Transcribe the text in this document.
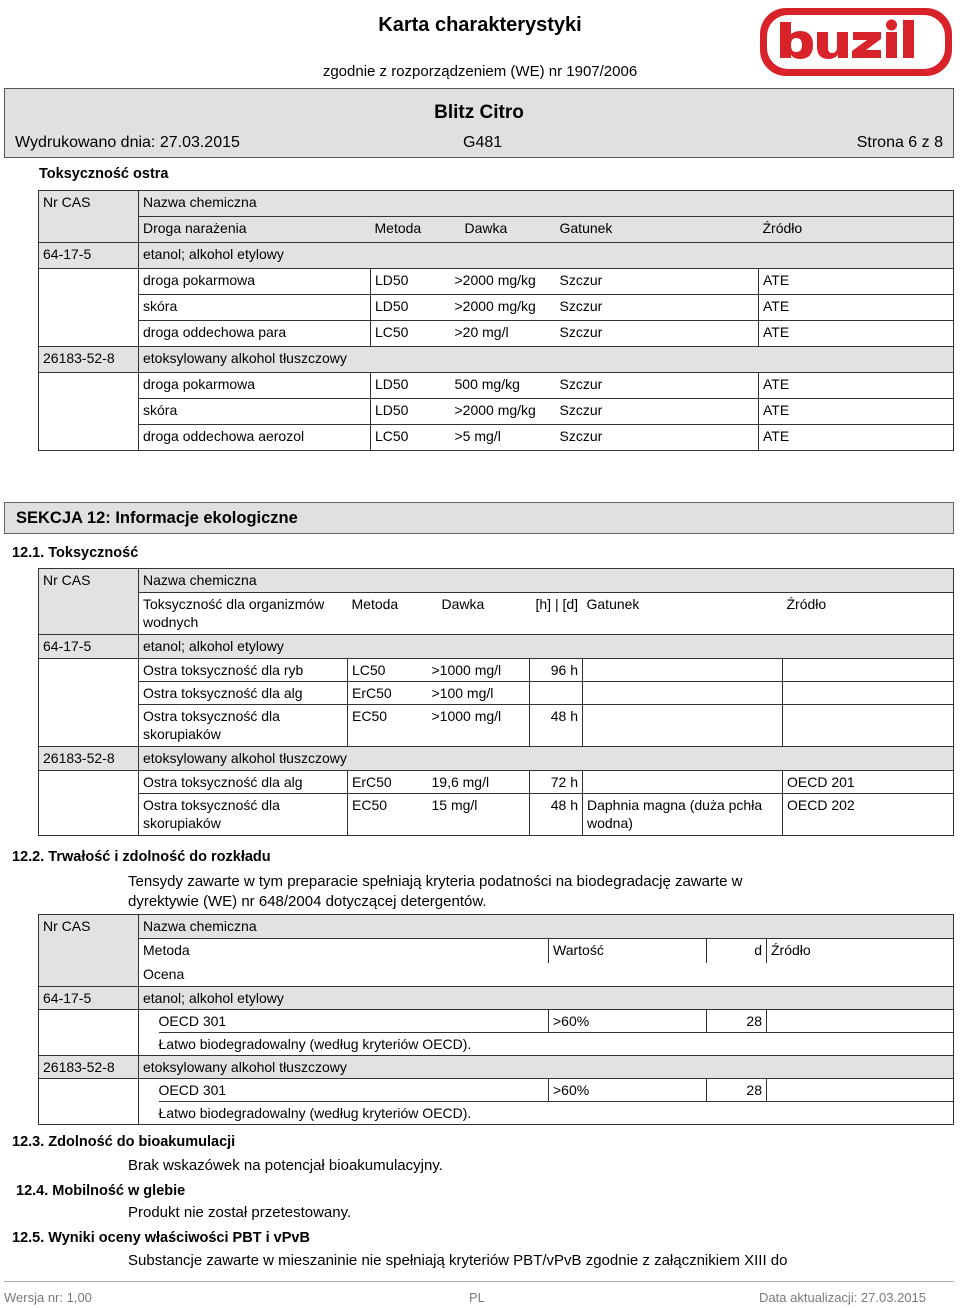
Karta charakterystyki
zgodnie z rozporządzeniem (WE) nr 1907/2006
Blitz Citro
Wydrukowano dnia: 27.03.2015	G481	Strona 6 z 8
Toksyczność ostra
Nr CAS	Nazwa chemiczna				
	Droga narażenia	Metoda	Dawka	Gatunek	Źródło
64-17-5	etanol; alkohol etylowy				
	droga pokarmowa	LD50	>2000 mg/kg	Szczur	ATE
	skóra	LD50	>2000 mg/kg	Szczur	ATE
	droga oddechowa para	LC50	>20 mg/l	Szczur	ATE
26183-52-8	etoksylowany alkohol tłuszczowy				
	droga pokarmowa	LD50	500 mg/kg	Szczur	ATE
	skóra	LD50	>2000 mg/kg	Szczur	ATE
	droga oddechowa aerozol	LC50	>5 mg/l	Szczur	ATE
SEKCJA 12: Informacje ekologiczne
12.1. Toksyczność
Nr CAS	Nazwa chemiczna					
	Toksyczność dla organizmów wodnych	Metoda	Dawka	[h] | [d]	Gatunek	Źródło
64-17-5	etanol; alkohol etylowy					
	Ostra toksyczność dla ryb	LC50	>1000 mg/l	96 h		
	Ostra toksyczność dla alg	ErC50	>100 mg/l			
	Ostra toksyczność dla skorupiaków	EC50	>1000 mg/l	48 h		
26183-52-8	etoksylowany alkohol tłuszczowy					
	Ostra toksyczność dla alg	ErC50	19,6 mg/l	72 h		OECD 201
	Ostra toksyczność dla skorupiaków	EC50	15 mg/l	48 h	Daphnia magna (duża pchła wodna)	OECD 202
12.2. Trwałość i zdolność do rozkładu
Tensydy zawarte w tym preparacie spełniają kryteria podatności na biodegradację zawarte w dyrektywie (WE) nr 648/2004 dotyczącej detergentów.
Nr CAS	Nazwa chemiczna				
	Metoda		Wartość	d	Źródło
	Ocena				
64-17-5	etanol; alkohol etylowy				
		OECD 301	>60%	28	
		Łatwo biodegradowalny (według kryteriów OECD).			
26183-52-8	etoksylowany alkohol tłuszczowy				
		OECD 301	>60%	28	
		Łatwo biodegradowalny (według kryteriów OECD).			
12.3. Zdolność do bioakumulacji
Brak wskazówek na potencjał bioakumulacyjny.
12.4. Mobilność w glebie
Produkt nie został przetestowany.
12.5. Wyniki oceny właściwości PBT i vPvB
Substancje zawarte w mieszaninie nie spełniają kryteriów PBT/vPvB zgodnie z załącznikiem XIII do
Wersja nr: 1,00	PL	Data aktualizacji: 27.03.2015
